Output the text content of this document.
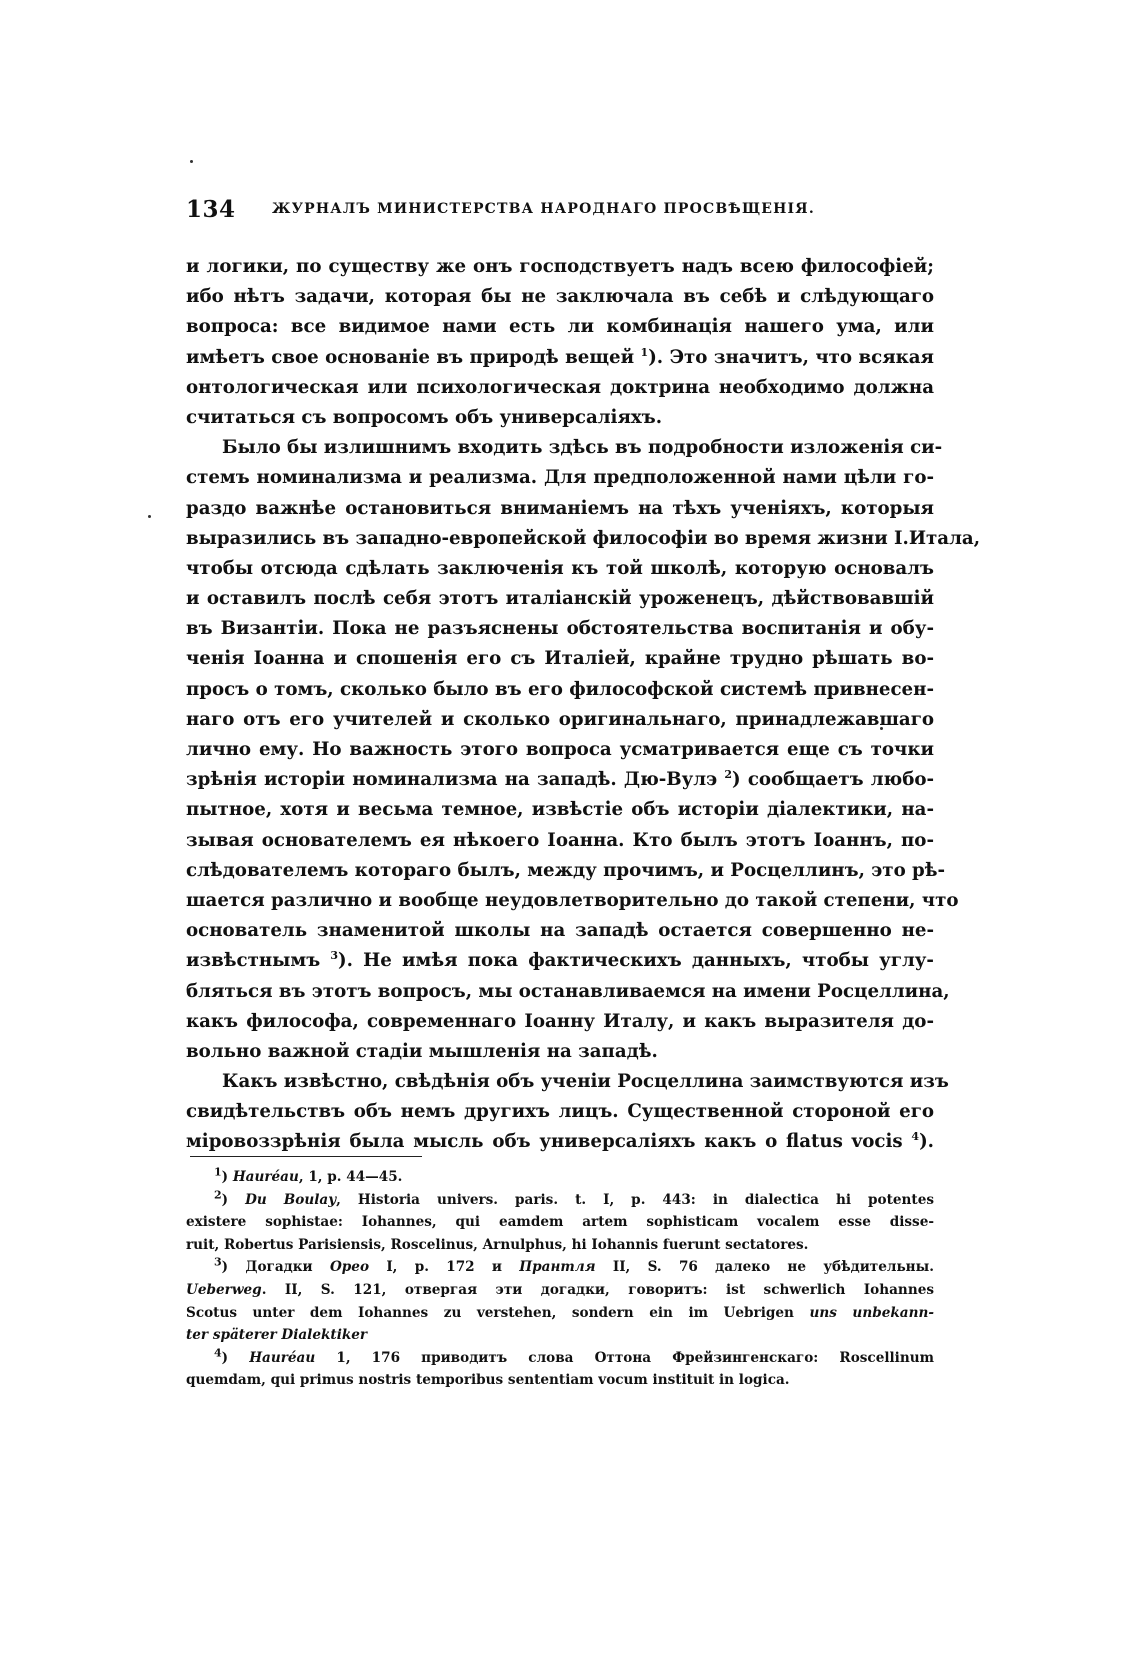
134	ЖУРНАЛЪ МИНИСТЕРСТВА НАРОДНАГО ПРОСВѢЩЕНІЯ.
и логики, по существу же онъ господствуетъ надъ всею философіей;
ибо нѣтъ задачи, которая бы не заключала въ себѣ и слѣдующаго
вопроса: все видимое нами есть ли комбинація нашего ума, или
имѣетъ свое основаніе въ природѣ вещей $^1$). Это значитъ, что всякая
онтологическая или психологическая доктрина необходимо должна
считаться съ вопросомъ объ универсаліяхъ.
Было бы излишнимъ входить здѣсь въ подробности изложенія си-
стемъ номинализма и реализма. Для предположенной нами цѣли го-
раздо важнѣе остановиться вниманіемъ на тѣхъ ученіяхъ, которыя
выразились въ западно-европейской философіи во время жизни І.Итала,
чтобы отсюда сдѣлать заключенія къ той школѣ, которую основалъ
и оставилъ послѣ себя этотъ италіанскій уроженецъ, дѣйствовавшій
въ Византіи. Пока не разъяснены обстоятельства воспитанія и обу-
ченія Іоанна и спошенія его съ Италіей, крайне трудно рѣшать во-
просъ о томъ, сколько было въ его философской системѣ привнесен-
наго отъ его учителей и сколько оригинальнаго, принадлежавшаго
лично ему. Но важность этого вопроса усматривается еще съ точки
зрѣнія исторіи номинализма на западѣ. Дю-Вулэ $^2$) сообщаетъ любо-
пытное, хотя и весьма темное, извѣстіе объ исторіи діалектики, на-
зывая основателемъ ея нѣкоего Іоанна. Кто былъ этотъ Іоаннъ, по-
слѣдователемъ котораго былъ, между прочимъ, и Росцеллинъ, это рѣ-
шается различно и вообще неудовлетворительно до такой степени, что
основатель знаменитой школы на западѣ остается совершенно не-
извѣстнымъ $^3$). Не имѣя пока фактическихъ данныхъ, чтобы углу-
бляться въ этотъ вопросъ, мы останавливаемся на имени Росцеллина,
какъ философа, современнаго Іоанну Италу, и какъ выразителя до-
вольно важной стадіи мышленія на западѣ.
Какъ извѣстно, свѣдѣнія объ ученіи Росцеллина заимствуются изъ
свидѣтельствъ объ немъ другихъ лицъ. Существенной стороной его
міровоззрѣнія была мысль объ универсаліяхъ какъ о flatus vocis $^4$).
$^1$) Hauréau, 1, p. 44—45.
$^2$) Du Boulay, Historia univers. paris. t. I, p. 443: in dialectica hi potentes
existere sophistae: Iohannes, qui eamdem artem sophisticam vocalem esse disse-
ruit, Robertus Parisiensis, Roscelinus, Arnulphus, hi Iohannis fuerunt sectatores.
$^3$) Догадки Opeo I, p. 172 и Прантля II, S. 76 далеко не убѣдительны.
Ueberweg. II, S. 121, отвергая эти догадки, говоритъ: ist schwerlich Iohannes
Scotus unter dem Iohannes zu verstehen, sondern ein im Uebrigen uns unbekann-
ter späterer Dialektiker
$^4$) Hauréau 1, 176 приводитъ слова Оттона Фрейзингенскаго: Roscellinum
quemdam, qui primus nostris temporibus sententiam vocum instituit in logica.
